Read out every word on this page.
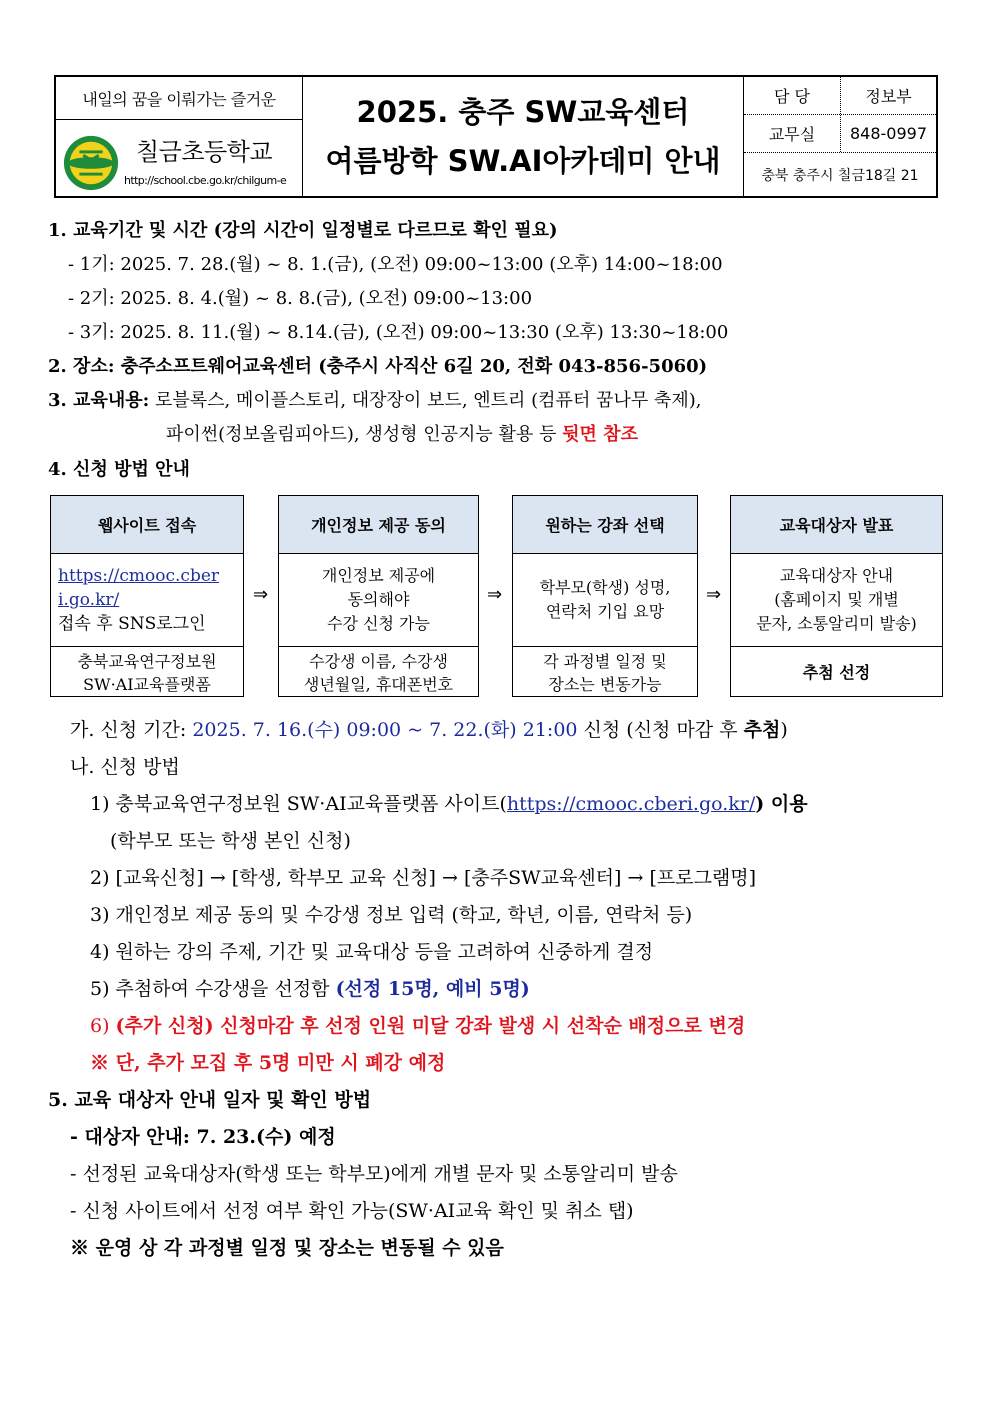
내일의 꿈을 이뤄가는 즐거운
칠금초등학교
http://school.cbe.go.kr/chilgum-e
2025. 충주 SW교육센터
여름방학 SW.AI아카데미 안내
담 당	정보부
교무실	848-0997
충북 충주시 칠금18길 21
1. 교육기간 및 시간 (강의 시간이 일정별로 다르므로 확인 필요)
- 1기: 2025. 7. 28.(월) ~ 8. 1.(금), (오전) 09:00~13:00 (오후) 14:00~18:00
- 2기: 2025. 8. 4.(월) ~ 8. 8.(금), (오전) 09:00~13:00
- 3기: 2025. 8. 11.(월) ~ 8.14.(금), (오전) 09:00~13:30 (오후) 13:30~18:00
2. 장소: 충주소프트웨어교육센터 (충주시 사직산 6길 20, 전화 043-856-5060)
3. 교육내용: 로블록스, 메이플스토리, 대장장이 보드, 엔트리 (컴퓨터 꿈나무 축제),
파이썬(정보올림피아드), 생성형 인공지능 활용 등 뒷면 참조
4. 신청 방법 안내
웹사이트 접속
https://cmooc.cber
i.go.kr/
접속 후 SNS로그인
충북교육연구정보원
SW·AI교육플랫폼
⇒
개인정보 제공 동의
개인정보 제공에
동의해야
수강 신청 가능
수강생 이름, 수강생
생년월일, 휴대폰번호
⇒
원하는 강좌 선택
학부모(학생) 성명,
연락처 기입 요망
각 과정별 일정 및
장소는 변동가능
⇒
교육대상자 발표
교육대상자 안내
(홈페이지 및 개별
문자, 소통알리미 발송)
추첨 선정
가. 신청 기간: 2025. 7. 16.(수) 09:00 ~ 7. 22.(화) 21:00 신청 (신청 마감 후 추첨)
나. 신청 방법
1) 충북교육연구정보원 SW·AI교육플랫폼 사이트(https://cmooc.cberi.go.kr/) 이용
(학부모 또는 학생 본인 신청)
2) [교육신청] → [학생, 학부모 교육 신청] → [충주SW교육센터] → [프로그램명]
3) 개인정보 제공 동의 및 수강생 정보 입력 (학교, 학년, 이름, 연락처 등)
4) 원하는 강의 주제, 기간 및 교육대상 등을 고려하여 신중하게 결정
5) 추첨하여 수강생을 선정함 (선정 15명, 예비 5명)
6) (추가 신청) 신청마감 후 선정 인원 미달 강좌 발생 시 선착순 배정으로 변경
※ 단, 추가 모집 후 5명 미만 시 폐강 예정
5. 교육 대상자 안내 일자 및 확인 방법
- 대상자 안내: 7. 23.(수) 예정
- 선정된 교육대상자(학생 또는 학부모)에게 개별 문자 및 소통알리미 발송
- 신청 사이트에서 선정 여부 확인 가능(SW·AI교육 확인 및 취소 탭)
※ 운영 상 각 과정별 일정 및 장소는 변동될 수 있음
